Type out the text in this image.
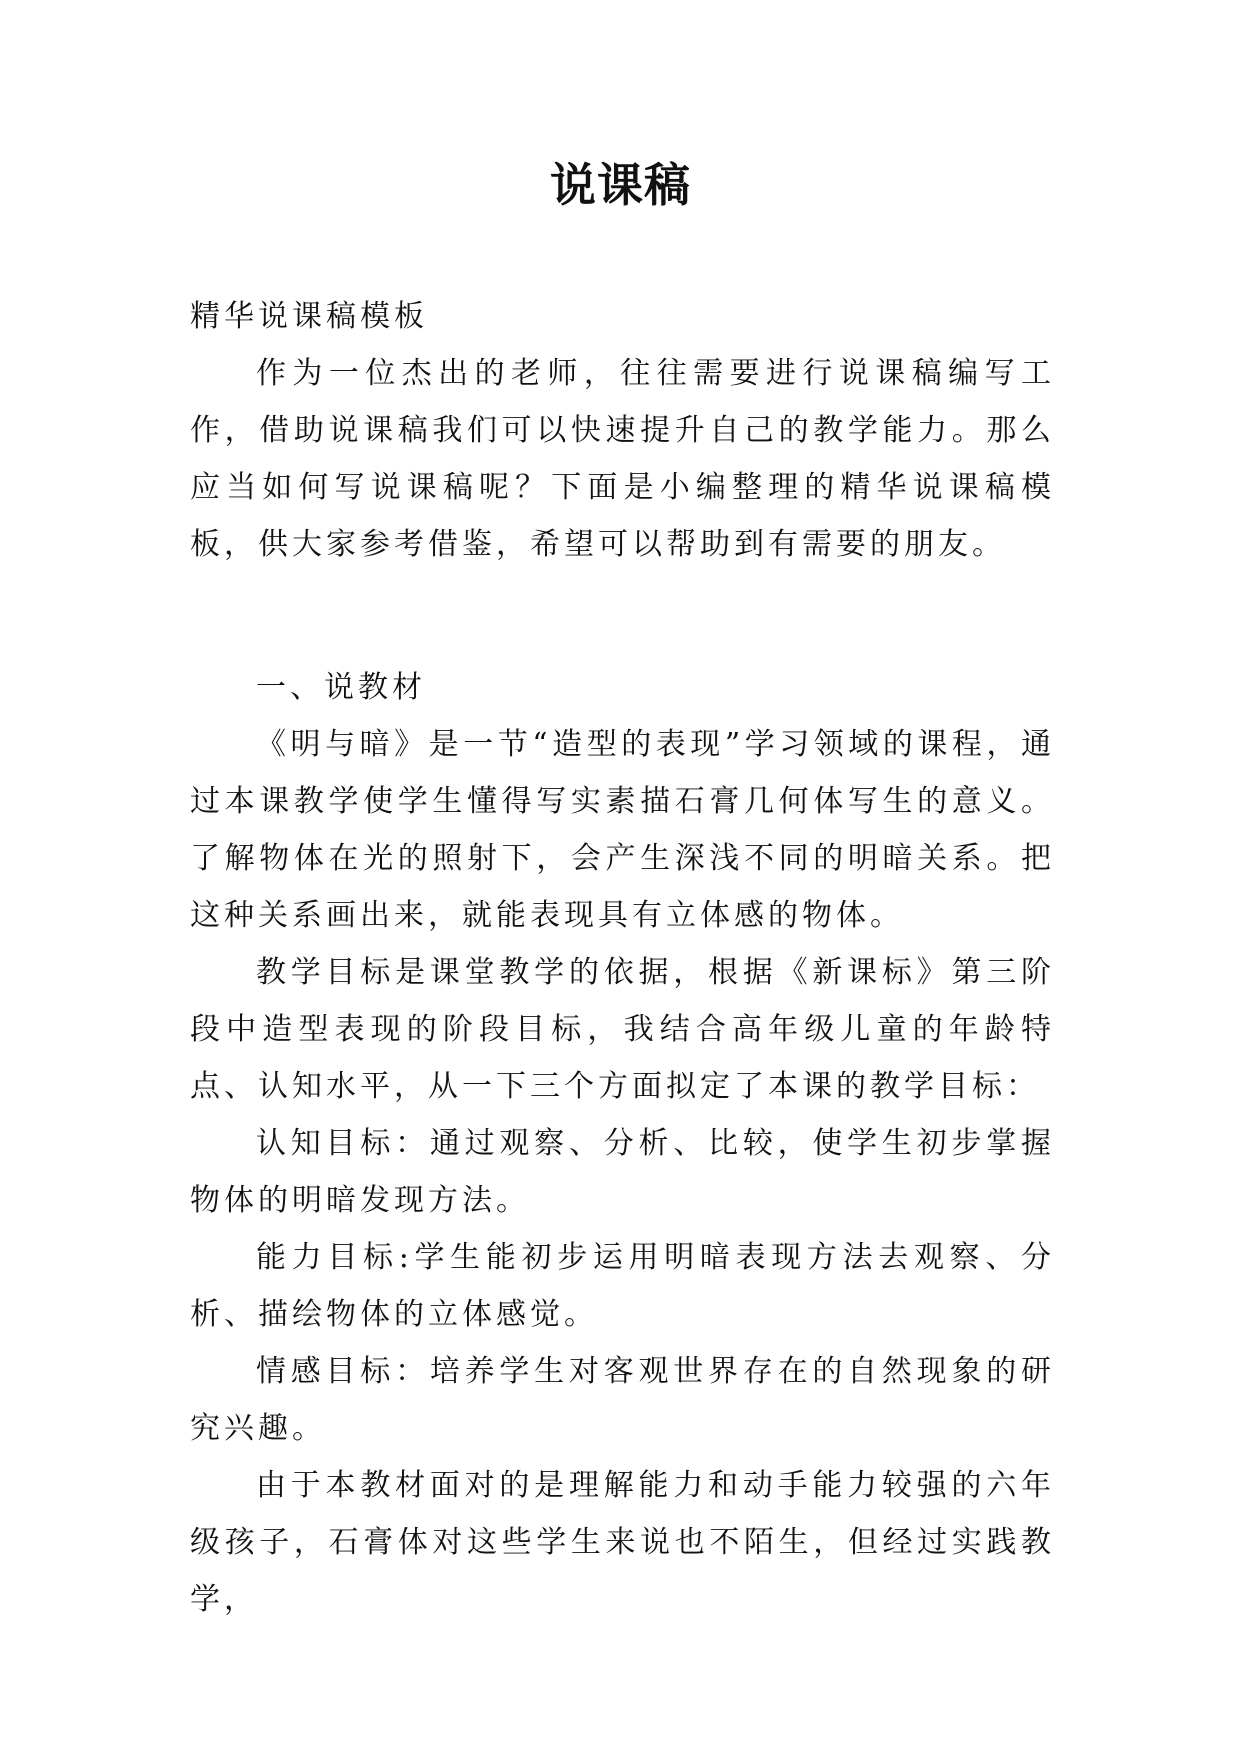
说课稿

精华说课稿模板

作为一位杰出的老师，往往需要进行说课稿编写工作，借助说课稿我们可以快速提升自己的教学能力。那么应当如何写说课稿呢？下面是小编整理的精华说课稿模板，供大家参考借鉴，希望可以帮助到有需要的朋友。

一、说教材

《明与暗》是一节“造型的表现”学习领域的课程，通过本课教学使学生懂得写实素描石膏几何体写生的意义。了解物体在光的照射下，会产生深浅不同的明暗关系。把这种关系画出来，就能表现具有立体感的物体。

教学目标是课堂教学的依据，根据《新课标》第三阶段中造型表现的阶段目标，我结合高年级儿童的年龄特点、认知水平，从一下三个方面拟定了本课的教学目标：

认知目标：通过观察、分析、比较，使学生初步掌握物体的明暗发现方法。

能力目标:学生能初步运用明暗表现方法去观察、分析、描绘物体的立体感觉。

情感目标：培养学生对客观世界存在的自然现象的研究兴趣。

由于本教材面对的是理解能力和动手能力较强的六年级孩子，石膏体对这些学生来说也不陌生，但经过实践教学，
